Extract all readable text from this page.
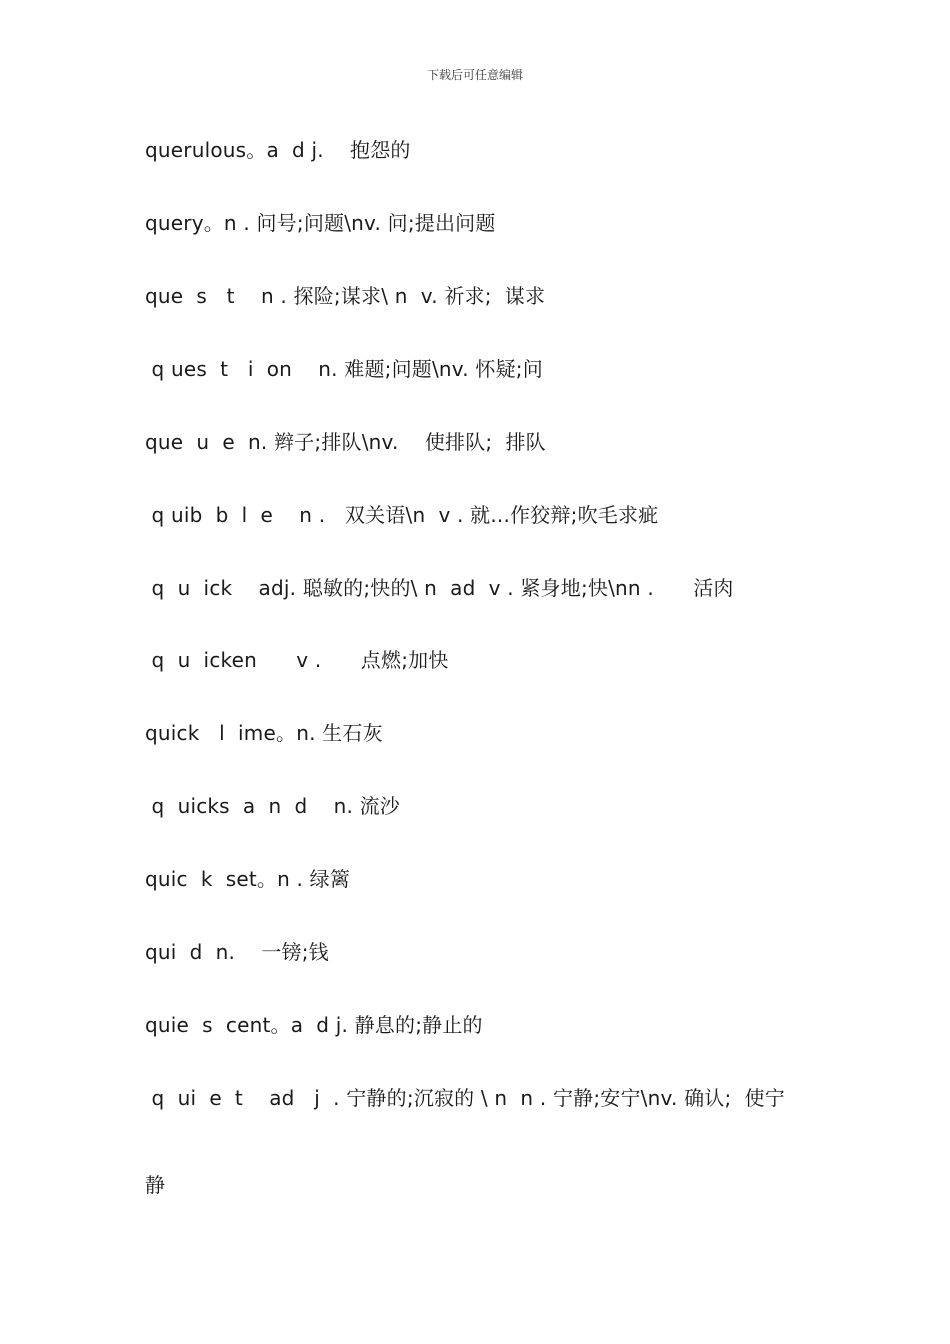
下载后可任意编辑
querulous。a  d j.    抱怨的
query。n . 问号;问题\nv. 问;提出问题
que  s   t    n . 探险;谋求\ n  v. 祈求;  谋求
q ues  t   i  on    n. 难题;问题\nv. 怀疑;问
que  u  e  n. 辫子;排队\nv.    使排队;  排队
q uib  b  l  e    n .   双关语\n  v . 就...作狡辩;吹毛求疵
q  u  ick    adj. 聪敏的;快的\ n  ad  v . 紧身地;快\nn .      活肉
q  u  icken      v .      点燃;加快
quick   l  ime。n. 生石灰
q  uicks  a  n  d    n. 流沙
quic  k  set。n . 绿篱
qui  d  n.    一镑;钱
quie  s  cent。a  d j. 静息的;静止的
q  ui  e  t    ad   j  . 宁静的;沉寂的 \ n  n . 宁静;安宁\nv. 确认;  使宁
静
